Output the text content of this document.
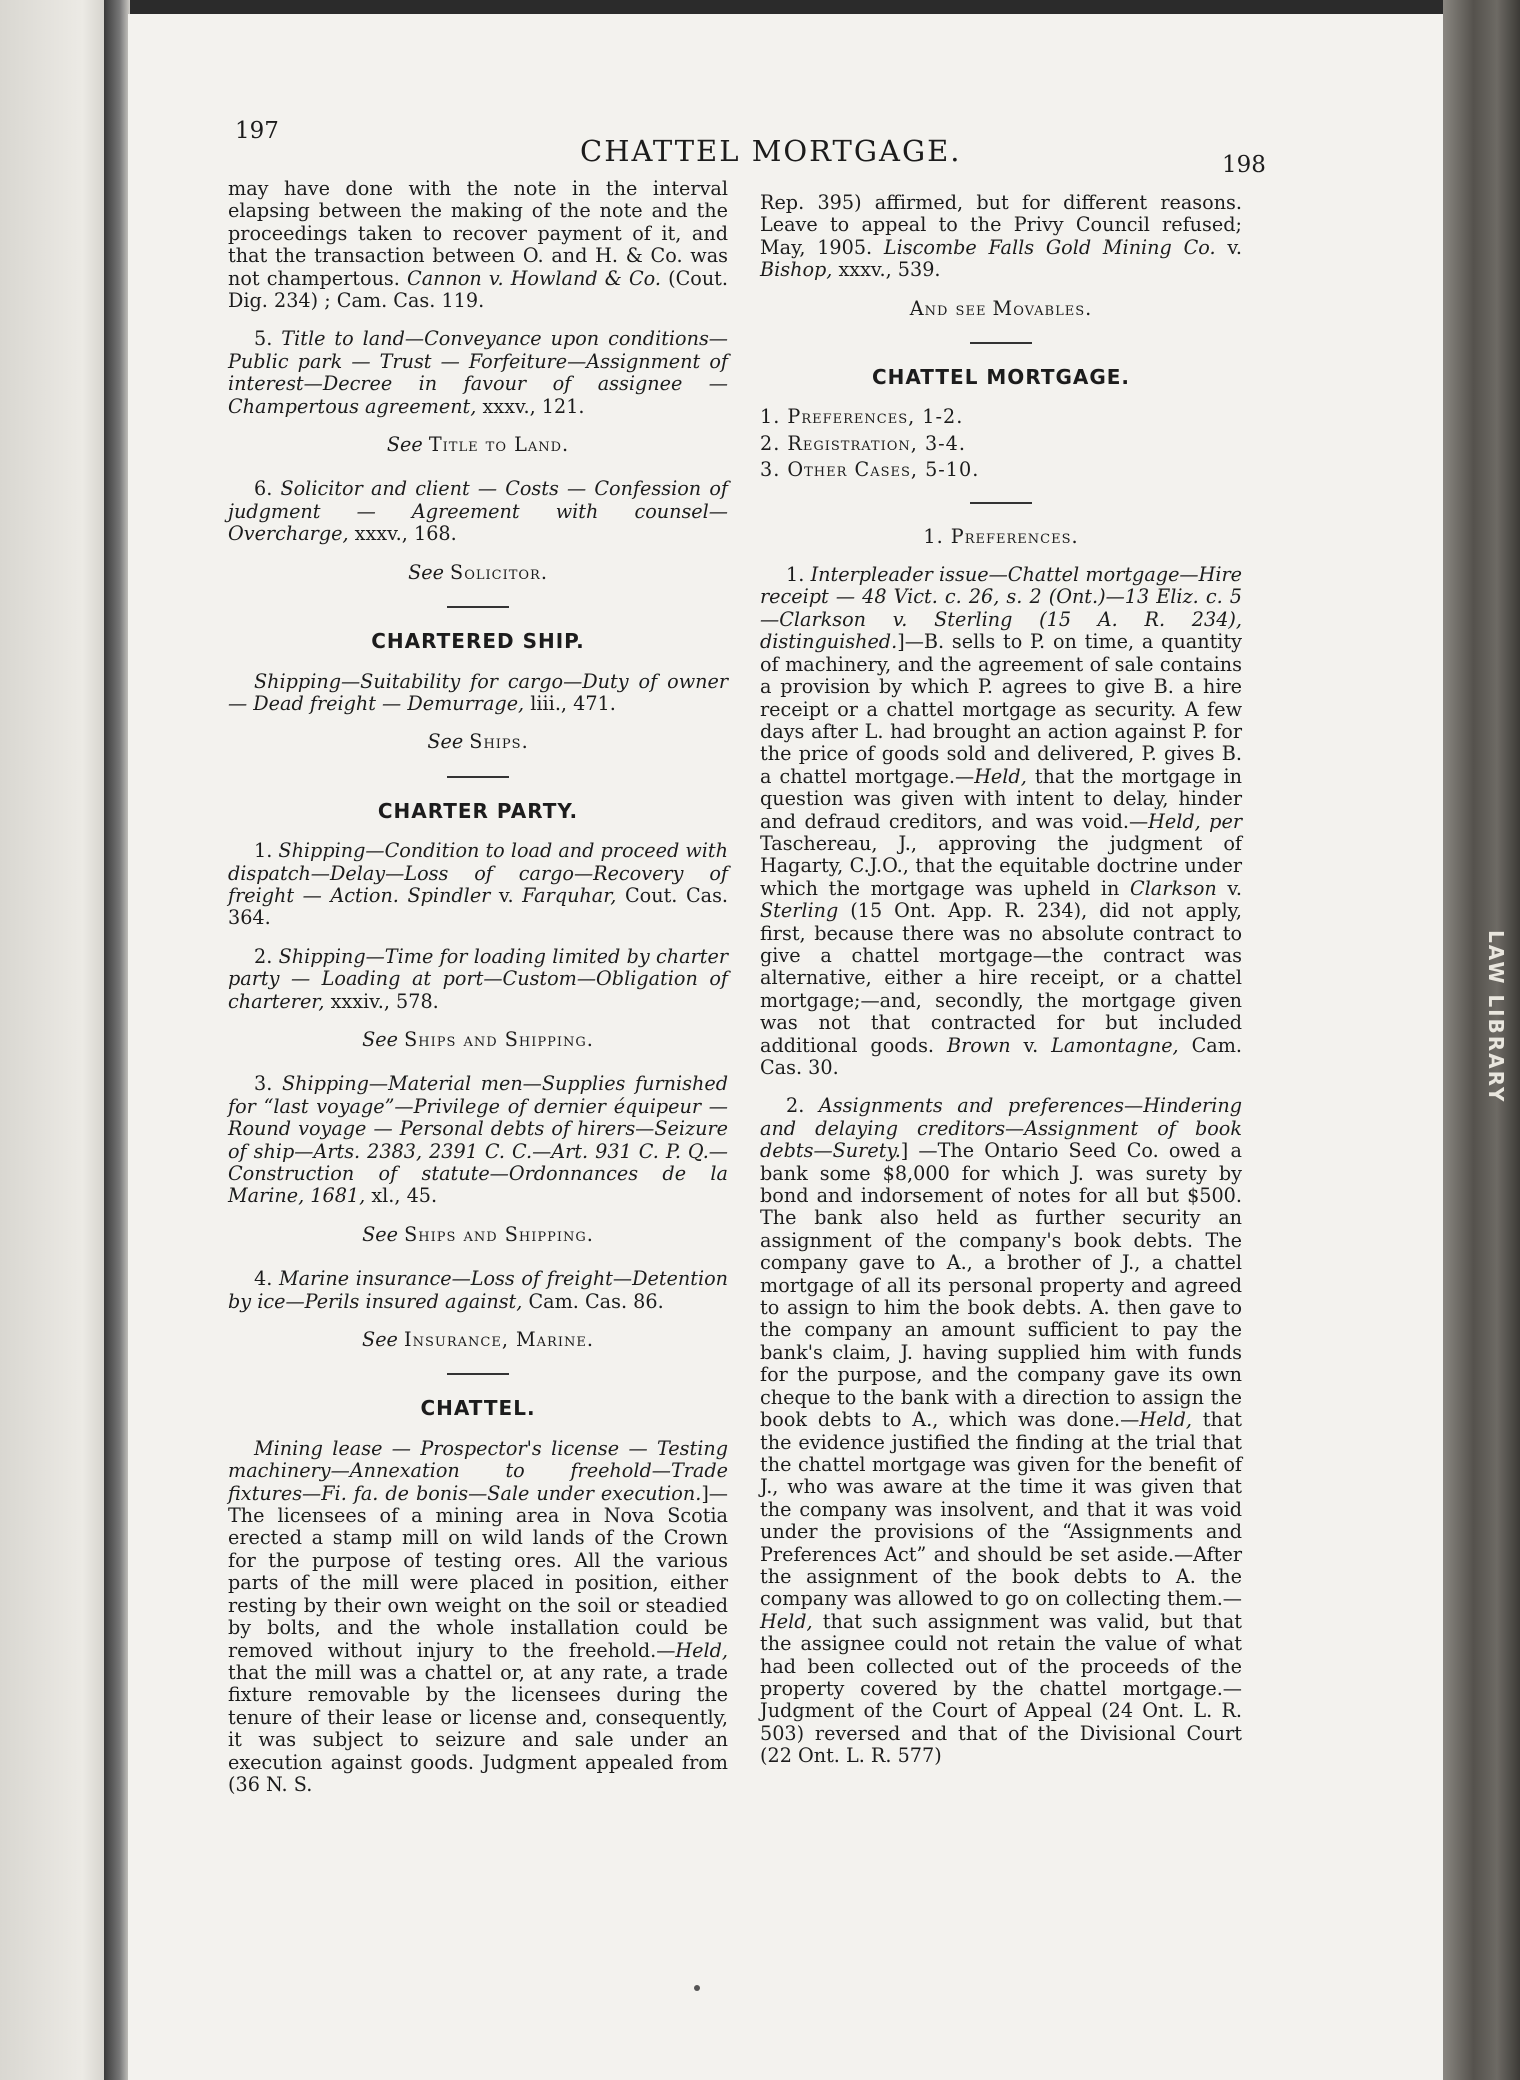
LAW LIBRARY
197
CHATTEL MORTGAGE.	198

may have done with the note in the interval elapsing between the making of the note and the proceedings taken to recover payment of it, and that the transaction between O. and H. & Co. was not champertous. Cannon v. Howland & Co. (Cout. Dig. 234) ; Cam. Cas. 119.

5. Title to land—Conveyance upon conditions—Public park — Trust — Forfeiture—Assignment of interest—Decree in favour of assignee — Champertous agreement, xxxv., 121.

See Title to Land.

6. Solicitor and client — Costs — Confession of judgment — Agreement with counsel—Overcharge, xxxv., 168.

See Solicitor.
CHARTERED SHIP.

Shipping—Suitability for cargo—Duty of owner — Dead freight — Demurrage, liii., 471.

See Ships.
CHARTER PARTY.

1. Shipping—Condition to load and proceed with dispatch—Delay—Loss of cargo—Recovery of freight — Action. Spindler v. Farquhar, Cout. Cas. 364.

2. Shipping—Time for loading limited by charter party — Loading at port—Custom—Obligation of charterer, xxxiv., 578.

See Ships and Shipping.

3. Shipping—Material men—Supplies furnished for “last voyage”—Privilege of dernier équipeur — Round voyage — Personal debts of hirers—Seizure of ship—Arts. 2383, 2391 C. C.—Art. 931 C. P. Q.—Construction of statute—Ordonnances de la Marine, 1681, xl., 45.

See Ships and Shipping.

4. Marine insurance—Loss of freight—Detention by ice—Perils insured against, Cam. Cas. 86.

See Insurance, Marine.
CHATTEL.

Mining lease — Prospector's license — Testing machinery—Annexation to freehold—Trade fixtures—Fi. fa. de bonis—Sale under execution.]—The licensees of a mining area in Nova Scotia erected a stamp mill on wild lands of the Crown for the purpose of testing ores. All the various parts of the mill were placed in position, either resting by their own weight on the soil or steadied by bolts, and the whole installation could be removed without injury to the freehold.—Held, that the mill was a chattel or, at any rate, a trade fixture removable by the licensees during the tenure of their lease or license and, consequently, it was subject to seizure and sale under an execution against goods. Judgment appealed from (36 N. S.

Rep. 395) affirmed, but for different reasons. Leave to appeal to the Privy Council refused; May, 1905. Liscombe Falls Gold Mining Co. v. Bishop, xxxv., 539.

And see Movables.
CHATTEL MORTGAGE.
1. Preferences, 1-2.
2. Registration, 3-4.
3. Other Cases, 5-10.
1. Preferences.

1. Interpleader issue—Chattel mortgage—Hire receipt — 48 Vict. c. 26, s. 2 (Ont.)—13 Eliz. c. 5—Clarkson v. Sterling (15 A. R. 234), distinguished.]—B. sells to P. on time, a quantity of machinery, and the agreement of sale contains a provision by which P. agrees to give B. a hire receipt or a chattel mortgage as security. A few days after L. had brought an action against P. for the price of goods sold and delivered, P. gives B. a chattel mortgage.—Held, that the mortgage in question was given with intent to delay, hinder and defraud creditors, and was void.—Held, per Taschereau, J., approving the judgment of Hagarty, C.J.O., that the equitable doctrine under which the mortgage was upheld in Clarkson v. Sterling (15 Ont. App. R. 234), did not apply, first, because there was no absolute contract to give a chattel mortgage—the contract was alternative, either a hire receipt, or a chattel mortgage;—and, secondly, the mortgage given was not that contracted for but included additional goods. Brown v. Lamontagne, Cam. Cas. 30.

2. Assignments and preferences—Hindering and delaying creditors—Assignment of book debts—Surety.] —The Ontario Seed Co. owed a bank some $8,000 for which J. was surety by bond and indorsement of notes for all but $500. The bank also held as further security an assignment of the company's book debts. The company gave to A., a brother of J., a chattel mortgage of all its personal property and agreed to assign to him the book debts. A. then gave to the company an amount sufficient to pay the bank's claim, J. having supplied him with funds for the purpose, and the company gave its own cheque to the bank with a direction to assign the book debts to A., which was done.—Held, that the evidence justified the finding at the trial that the chattel mortgage was given for the benefit of J., who was aware at the time it was given that the company was insolvent, and that it was void under the provisions of the “Assignments and Preferences Act” and should be set aside.—After the assignment of the book debts to A. the company was allowed to go on collecting them.—Held, that such assignment was valid, but that the assignee could not retain the value of what had been collected out of the proceeds of the property covered by the chattel mortgage.—Judgment of the Court of Appeal (24 Ont. L. R. 503) reversed and that of the Divisional Court (22 Ont. L. R. 577)
